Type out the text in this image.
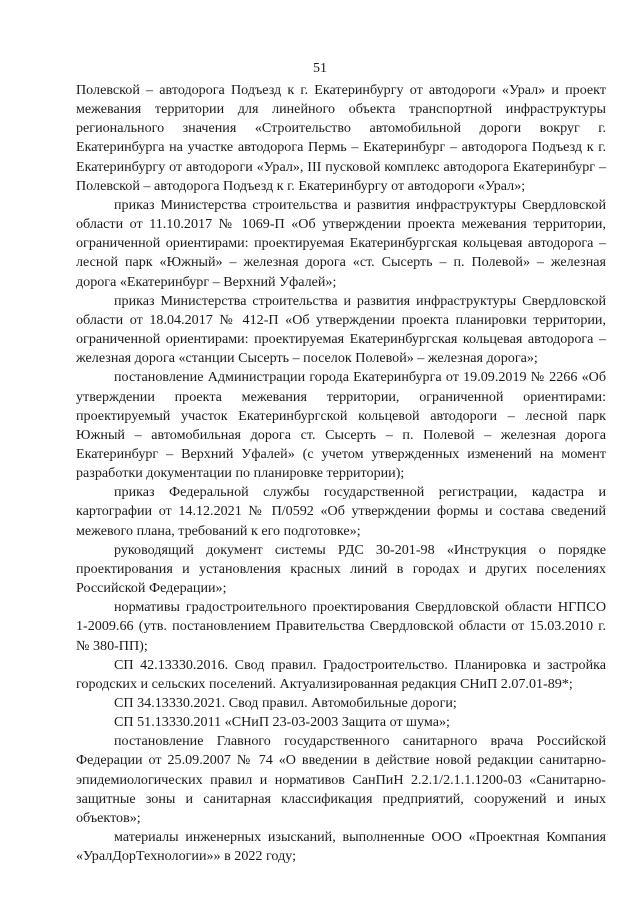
51

Полевской – автодорога Подъезд к г. Екатеринбургу от автодороги «Урал» и проект межевания территории для линейного объекта транспортной инфраструктуры регионального значения «Строительство автомобильной дороги вокруг г. Екатеринбурга на участке автодорога Пермь – Екатеринбург – автодорога Подъезд к г. Екатеринбургу от автодороги «Урал», III пусковой комплекс автодорога Екатеринбург – Полевской – автодорога Подъезд к г. Екатеринбургу от автодороги «Урал»;

приказ Министерства строительства и развития инфраструктуры Свердловской области от 11.10.2017 № 1069-П «Об утверждении проекта межевания территории, ограниченной ориентирами: проектируемая Екатеринбургская кольцевая автодорога – лесной парк «Южный» – железная дорога «ст. Сысерть – п. Полевой» – железная дорога «Екатеринбург – Верхний Уфалей»;

приказ Министерства строительства и развития инфраструктуры Свердловской области от 18.04.2017 № 412-П «Об утверждении проекта планировки территории, ограниченной ориентирами: проектируемая Екатеринбургская кольцевая автодорога – железная дорога «станции Сысерть – поселок Полевой» – железная дорога»;

постановление Администрации города Екатеринбурга от 19.09.2019 № 2266 «Об утверждении проекта межевания территории, ограниченной ориентирами: проектируемый участок Екатеринбургской кольцевой автодороги – лесной парк Южный – автомобильная дорога ст. Сысерть – п. Полевой – железная дорога Екатеринбург – Верхний Уфалей» (с учетом утвержденных изменений на момент разработки документации по планировке территории);

приказ Федеральной службы государственной регистрации, кадастра и картографии от 14.12.2021 № П/0592 «Об утверждении формы и состава сведений межевого плана, требований к его подготовке»;

руководящий документ системы РДС 30-201-98 «Инструкция о порядке проектирования и установления красных линий в городах и других поселениях Российской Федерации»;

нормативы градостроительного проектирования Свердловской области НГПСО 1-2009.66 (утв. постановлением Правительства Свердловской области от 15.03.2010 г. № 380-ПП);

СП 42.13330.2016. Свод правил. Градостроительство. Планировка и застройка городских и сельских поселений. Актуализированная редакция СНиП 2.07.01-89*;

СП 34.13330.2021. Свод правил. Автомобильные дороги;

СП 51.13330.2011 «СНиП 23-03-2003 Защита от шума»;

постановление Главного государственного санитарного врача Российской Федерации от 25.09.2007 № 74 «О введении в действие новой редакции санитарно-эпидемиологических правил и нормативов СанПиН 2.2.1/2.1.1.1200-03 «Санитарно-защитные зоны и санитарная классификация предприятий, сооружений и иных объектов»;

материалы инженерных изысканий, выполненные ООО «Проектная Компания «УралДорТехнологии»» в 2022 году;
